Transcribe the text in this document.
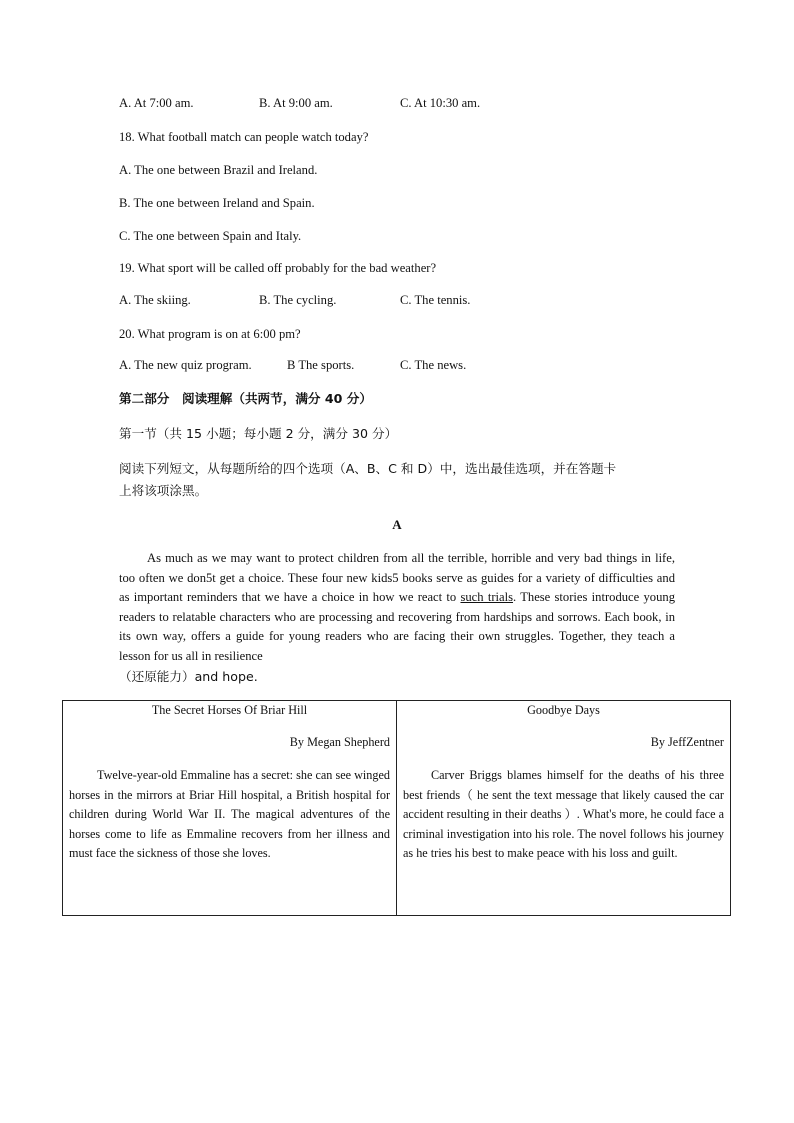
A. At 7:00 am.	B. At 9:00 am.	C. At 10:30 am.
18. What football match can people watch today?
A. The one between Brazil and Ireland.
B. The one between Ireland and Spain.
C. The one between Spain and Italy.
19. What sport will be called off probably for the bad weather?
A. The skiing.	B. The cycling.	C. The tennis.
20. What program is on at 6:00 pm?
A. The new quiz program.	B The sports.	C. The news.
第二部分　阅读理解（共两节，满分 40 分）
第一节（共 15 小题；每小题 2 分，满分 30 分）
阅读下列短文，从每题所给的四个选项（A、B、C 和 D）中，选出最佳选项，并在答题卡
上将该项涂黑。
A
As much as we may want to protect children from all the terrible, horrible and very bad things in life, too often we don5t get a choice. These four new kids5 books serve as guides for a variety of difficulties and as important reminders that we have a choice in how we react to such trials. These stories introduce young readers to relatable characters who are processing and recovering from hardships and sorrows. Each book, in its own way, offers a guide for young readers who are facing their own struggles. Together, they teach a lesson for us all in resilience
（还原能力）and hope.
The Secret Horses Of Briar Hill
By Megan Shepherd
Twelve-year-old Emmaline has a secret: she can see winged horses in the mirrors at Briar Hill hospital, a British hospital for children during World War II. The magical adventures of the horses come to life as Emmaline recovers from her illness and must face the sickness of those she loves.

Goodbye Days
By JeffZentner
Carver Briggs blames himself for the deaths of his three best friends（ he sent the text message that likely caused the car accident resulting in their deaths ）. What's more, he could face a criminal investigation into his role. The novel follows his journey as he tries his best to make peace with his loss and guilt.
